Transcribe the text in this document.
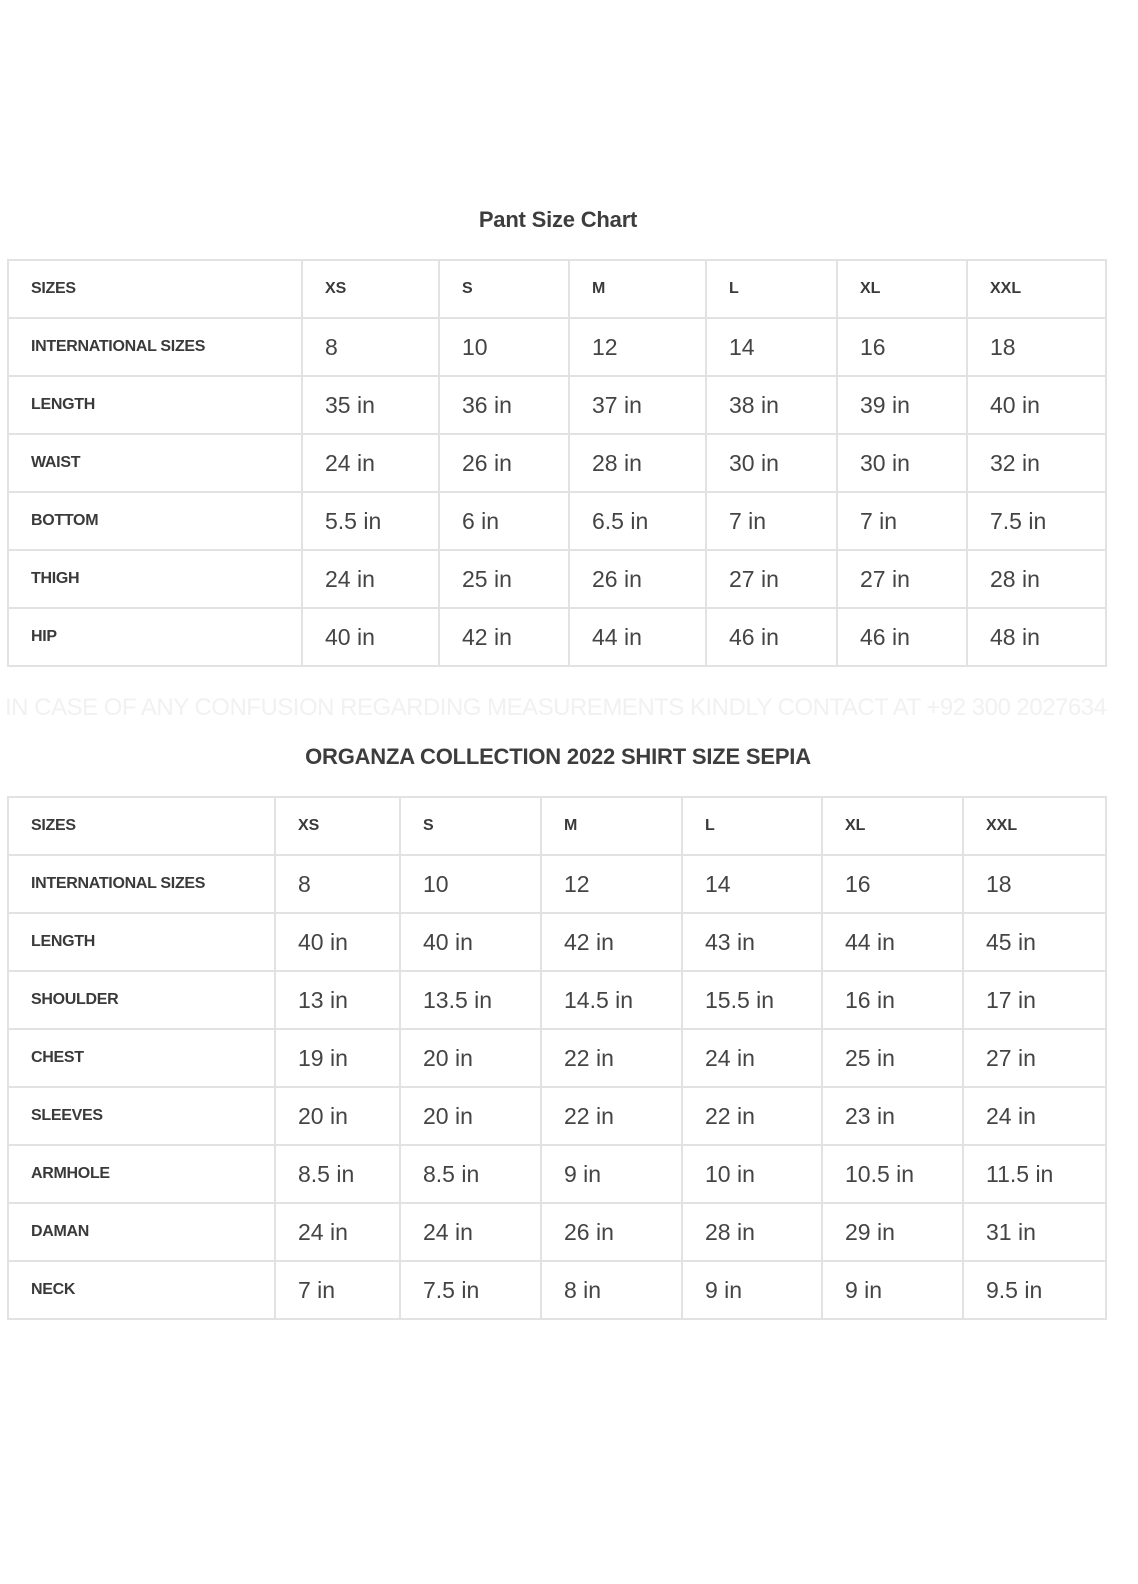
Pant Size Chart
SIZES	XS	S	M	L	XL	XXL
INTERNATIONAL SIZES	8	10	12	14	16	18
LENGTH	35 in	36 in	37 in	38 in	39 in	40 in
WAIST	24 in	26 in	28 in	30 in	30 in	32 in
BOTTOM	5.5 in	6 in	6.5 in	7 in	7 in	7.5 in
THIGH	24 in	25 in	26 in	27 in	27 in	28 in
HIP	40 in	42 in	44 in	46 in	46 in	48 in
IN CASE OF ANY CONFUSION REGARDING MEASUREMENTS KINDLY CONTACT AT +92 300 2027634
ORGANZA COLLECTION 2022 SHIRT SIZE SEPIA
SIZES	XS	S	M	L	XL	XXL
INTERNATIONAL SIZES	8	10	12	14	16	18
LENGTH	40 in	40 in	42 in	43 in	44 in	45 in
SHOULDER	13 in	13.5 in	14.5 in	15.5 in	16 in	17 in
CHEST	19 in	20 in	22 in	24 in	25 in	27 in
SLEEVES	20 in	20 in	22 in	22 in	23 in	24 in
ARMHOLE	8.5 in	8.5 in	9 in	10 in	10.5 in	11.5 in
DAMAN	24 in	24 in	26 in	28 in	29 in	31 in
NECK	7 in	7.5 in	8 in	9 in	9 in	9.5 in
